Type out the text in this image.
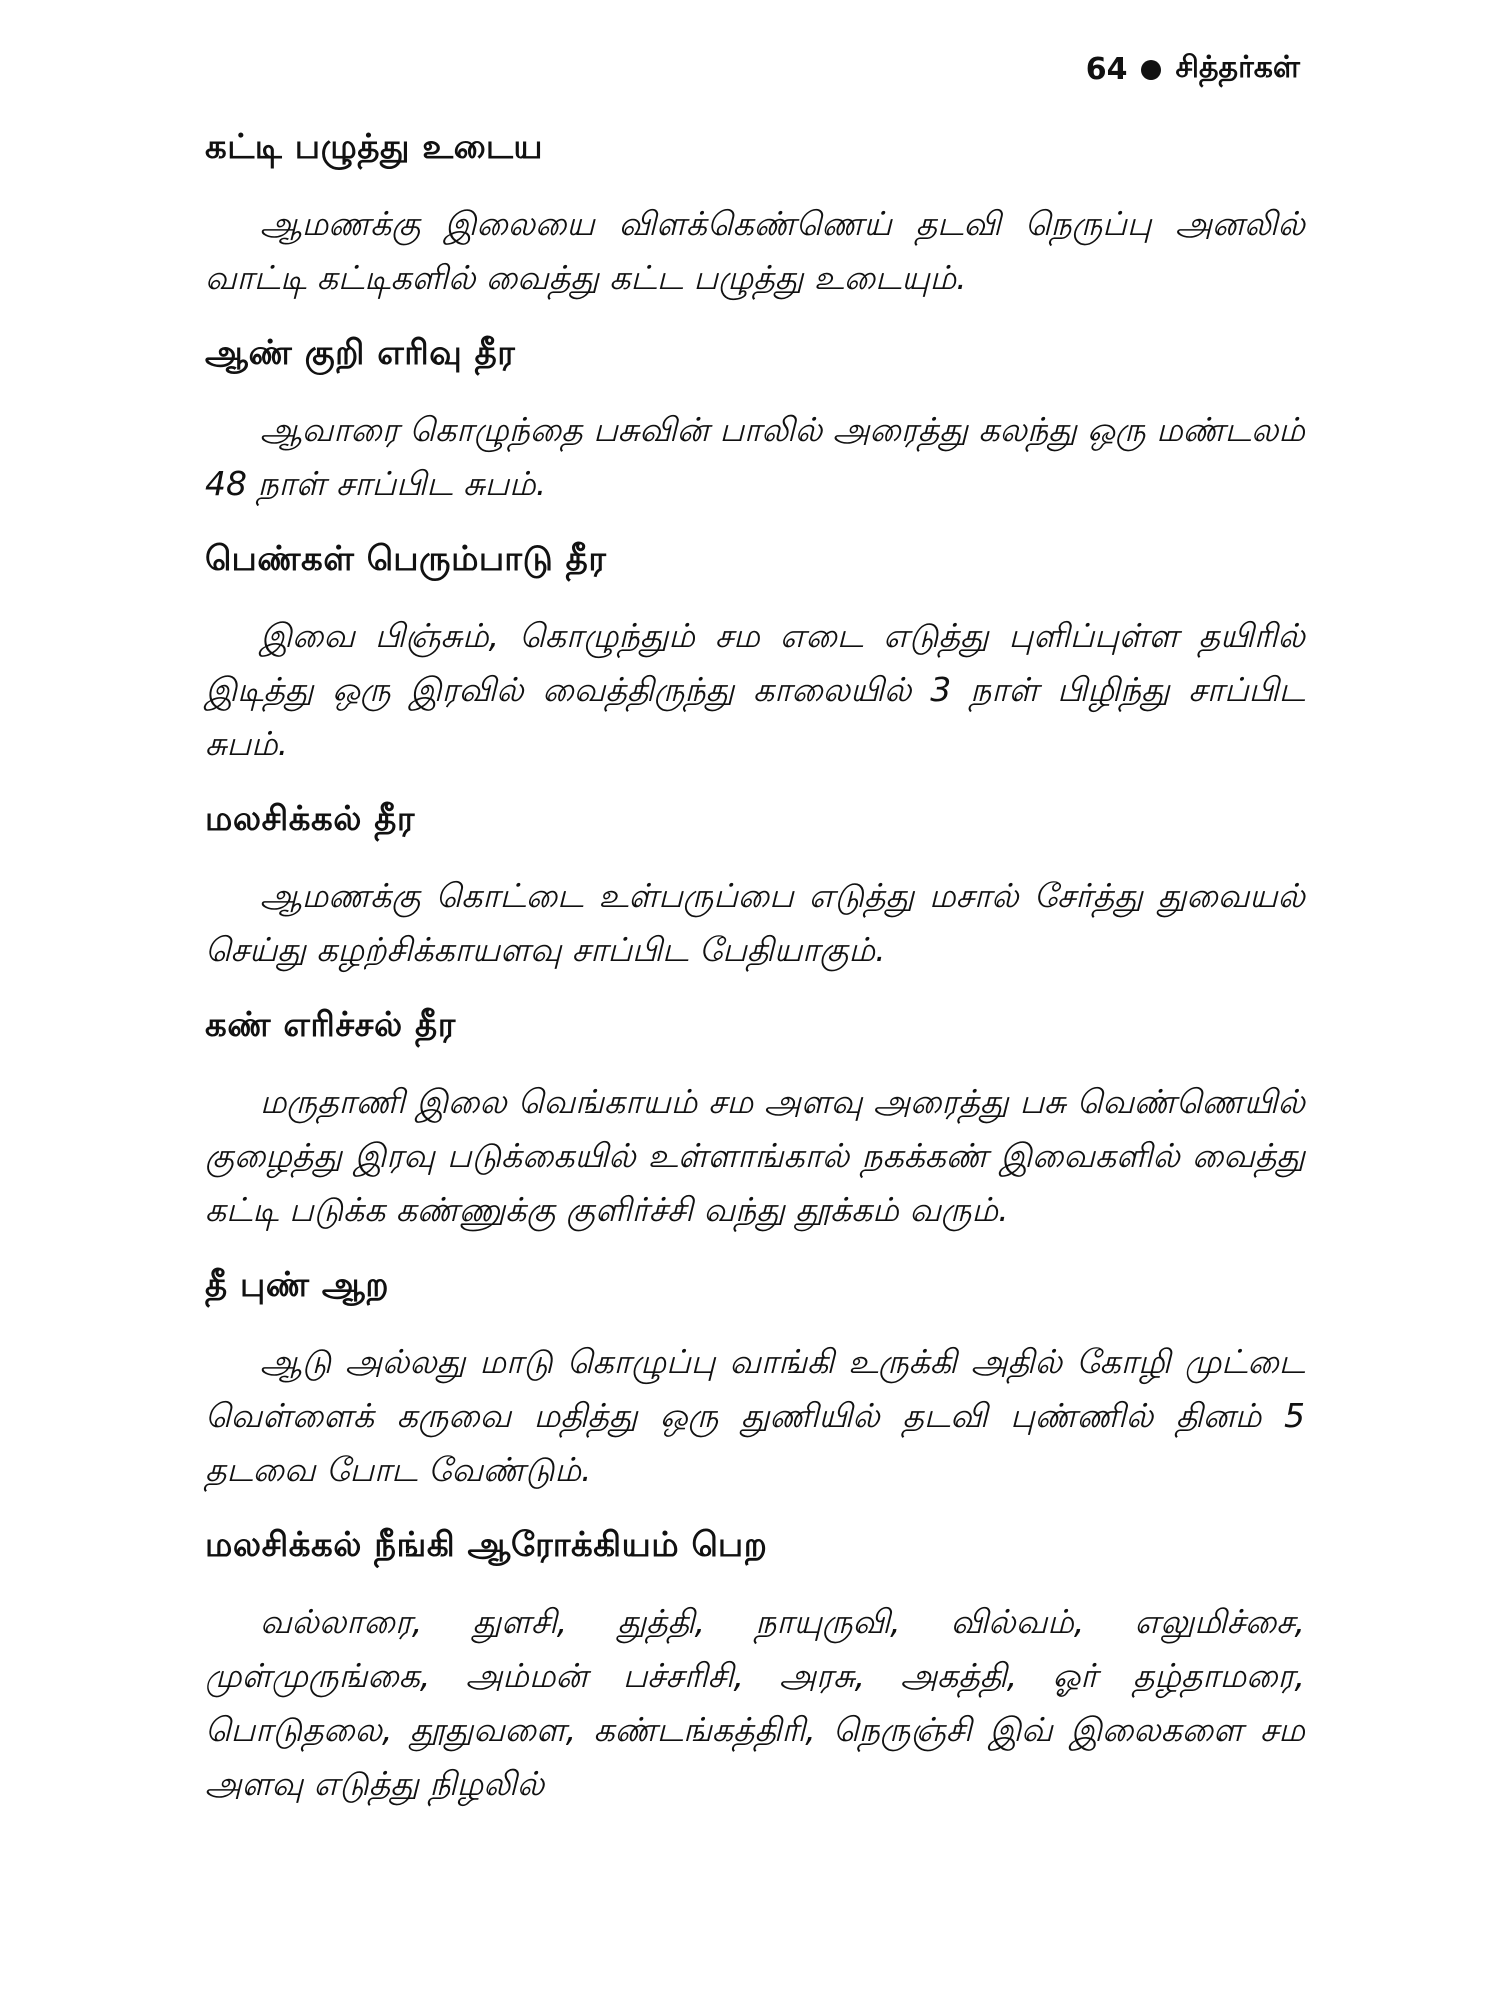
64 சித்தர்கள்
கட்டி பழுத்து உடைய

ஆமணக்கு இலையை விளக்கெண்ணெய் தடவி நெருப்பு அனலில் வாட்டி கட்டிகளில் வைத்து கட்ட பழுத்து உடையும்.

ஆண் குறி எரிவு தீர

ஆவாரை கொழுந்தை பசுவின் பாலில் அரைத்து கலந்து ஒரு மண்டலம் 48 நாள் சாப்பிட சுபம்.

பெண்கள் பெரும்பாடு தீர

இவை பிஞ்சும், கொழுந்தும் சம எடை எடுத்து புளிப்புள்ள தயிரில் இடித்து ஒரு இரவில் வைத்திருந்து காலையில் 3 நாள் பிழிந்து சாப்பிட சுபம்.

மலசிக்கல் தீர

ஆமணக்கு கொட்டை உள்பருப்பை எடுத்து மசால் சேர்த்து துவையல் செய்து கழற்சிக்காயளவு சாப்பிட பேதியாகும்.

கண் எரிச்சல் தீர

மருதாணி இலை வெங்காயம் சம அளவு அரைத்து பசு வெண்ணெயில் குழைத்து இரவு படுக்கையில் உள்ளாங்கால் நகக்கண் இவைகளில் வைத்து கட்டி படுக்க கண்ணுக்கு குளிர்ச்சி வந்து தூக்கம் வரும்.

தீ புண் ஆற

ஆடு அல்லது மாடு கொழுப்பு வாங்கி உருக்கி அதில் கோழி முட்டை வெள்ளைக் கருவை மதித்து ஒரு துணியில் தடவி புண்ணில் தினம் 5 தடவை போட வேண்டும்.

மலசிக்கல் நீங்கி ஆரோக்கியம் பெற

வல்லாரை, துளசி, துத்தி, நாயுருவி, வில்வம், எலுமிச்சை, முள்முருங்கை, அம்மன் பச்சரிசி, அரசு, அகத்தி, ஓர் தழ்தாமரை, பொடுதலை, தூதுவளை, கண்டங்கத்திரி, நெருஞ்சி இவ் இலைகளை சம அளவு எடுத்து நிழலில்
